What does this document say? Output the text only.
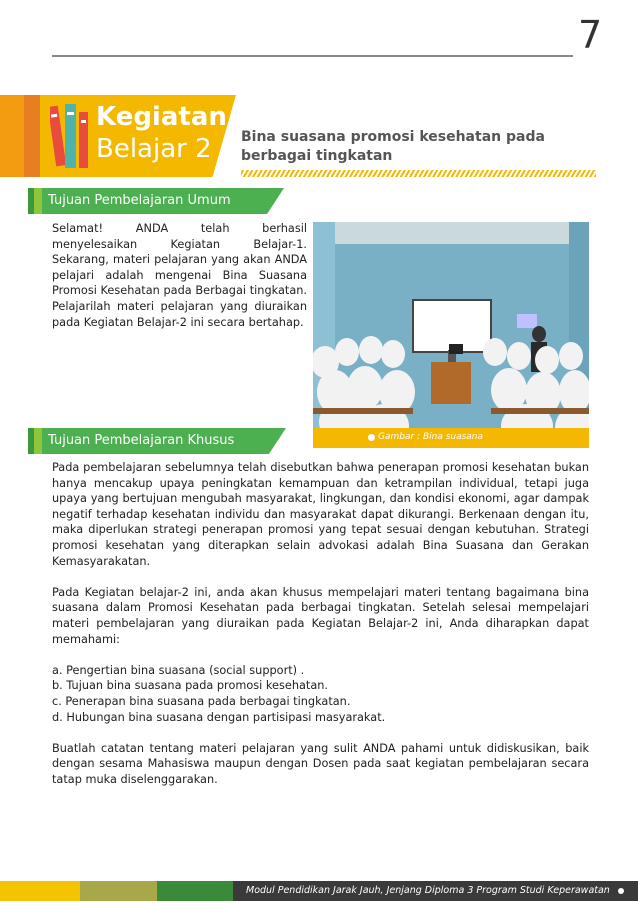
7
Kegiatan
Belajar 2 Bina suasana promosi kesehatan pada berbagai tingkatan
Tujuan Pembelajaran Umum

Selamat! ANDA telah berhasil menyelesaikan Kegiatan Belajar-1. Sekarang, materi pelajaran yang akan ANDA pelajari adalah mengenai Bina Suasana Promosi Kesehatan pada Berbagai tingkatan. Pelajarilah materi pelajaran yang diuraikan pada Kegiatan Belajar-2 ini secara bertahap.

Gambar : Bina suasana
Tujuan Pembelajaran Khusus

Pada pembelajaran sebelumnya telah disebutkan bahwa penerapan promosi kesehatan bukan hanya mencakup upaya peningkatan kemampuan dan ketrampilan individual, tetapi juga upaya yang bertujuan mengubah masyarakat, lingkungan, dan kondisi ekonomi, agar dampak negatif terhadap kesehatan individu dan masyarakat dapat dikurangi. Berkenaan dengan itu, maka diperlukan strategi penerapan promosi yang tepat sesuai dengan kebutuhan. Strategi promosi kesehatan yang diterapkan selain advokasi adalah Bina Suasana dan Gerakan Kemasyarakatan.

Pada Kegiatan belajar-2 ini, anda akan khusus mempelajari materi tentang bagaimana bina suasana dalam Promosi Kesehatan pada berbagai tingkatan. Setelah selesai mempelajari materi pembelajaran yang diuraikan pada Kegiatan Belajar-2 ini, Anda diharapkan dapat memahami:

a. Pengertian bina suasana (social support) .
b. Tujuan bina suasana pada promosi kesehatan.
c. Penerapan bina suasana pada berbagai tingkatan.
d. Hubungan bina suasana dengan partisipasi masyarakat.

Buatlah catatan tentang materi pelajaran yang sulit ANDA pahami untuk didiskusikan, baik dengan sesama Mahasiswa maupun dengan Dosen pada saat kegiatan pembelajaran secara tatap muka diselenggarakan.

Modul Pendidikan Jarak Jauh, Jenjang Diploma 3 Program Studi Keperawatan
